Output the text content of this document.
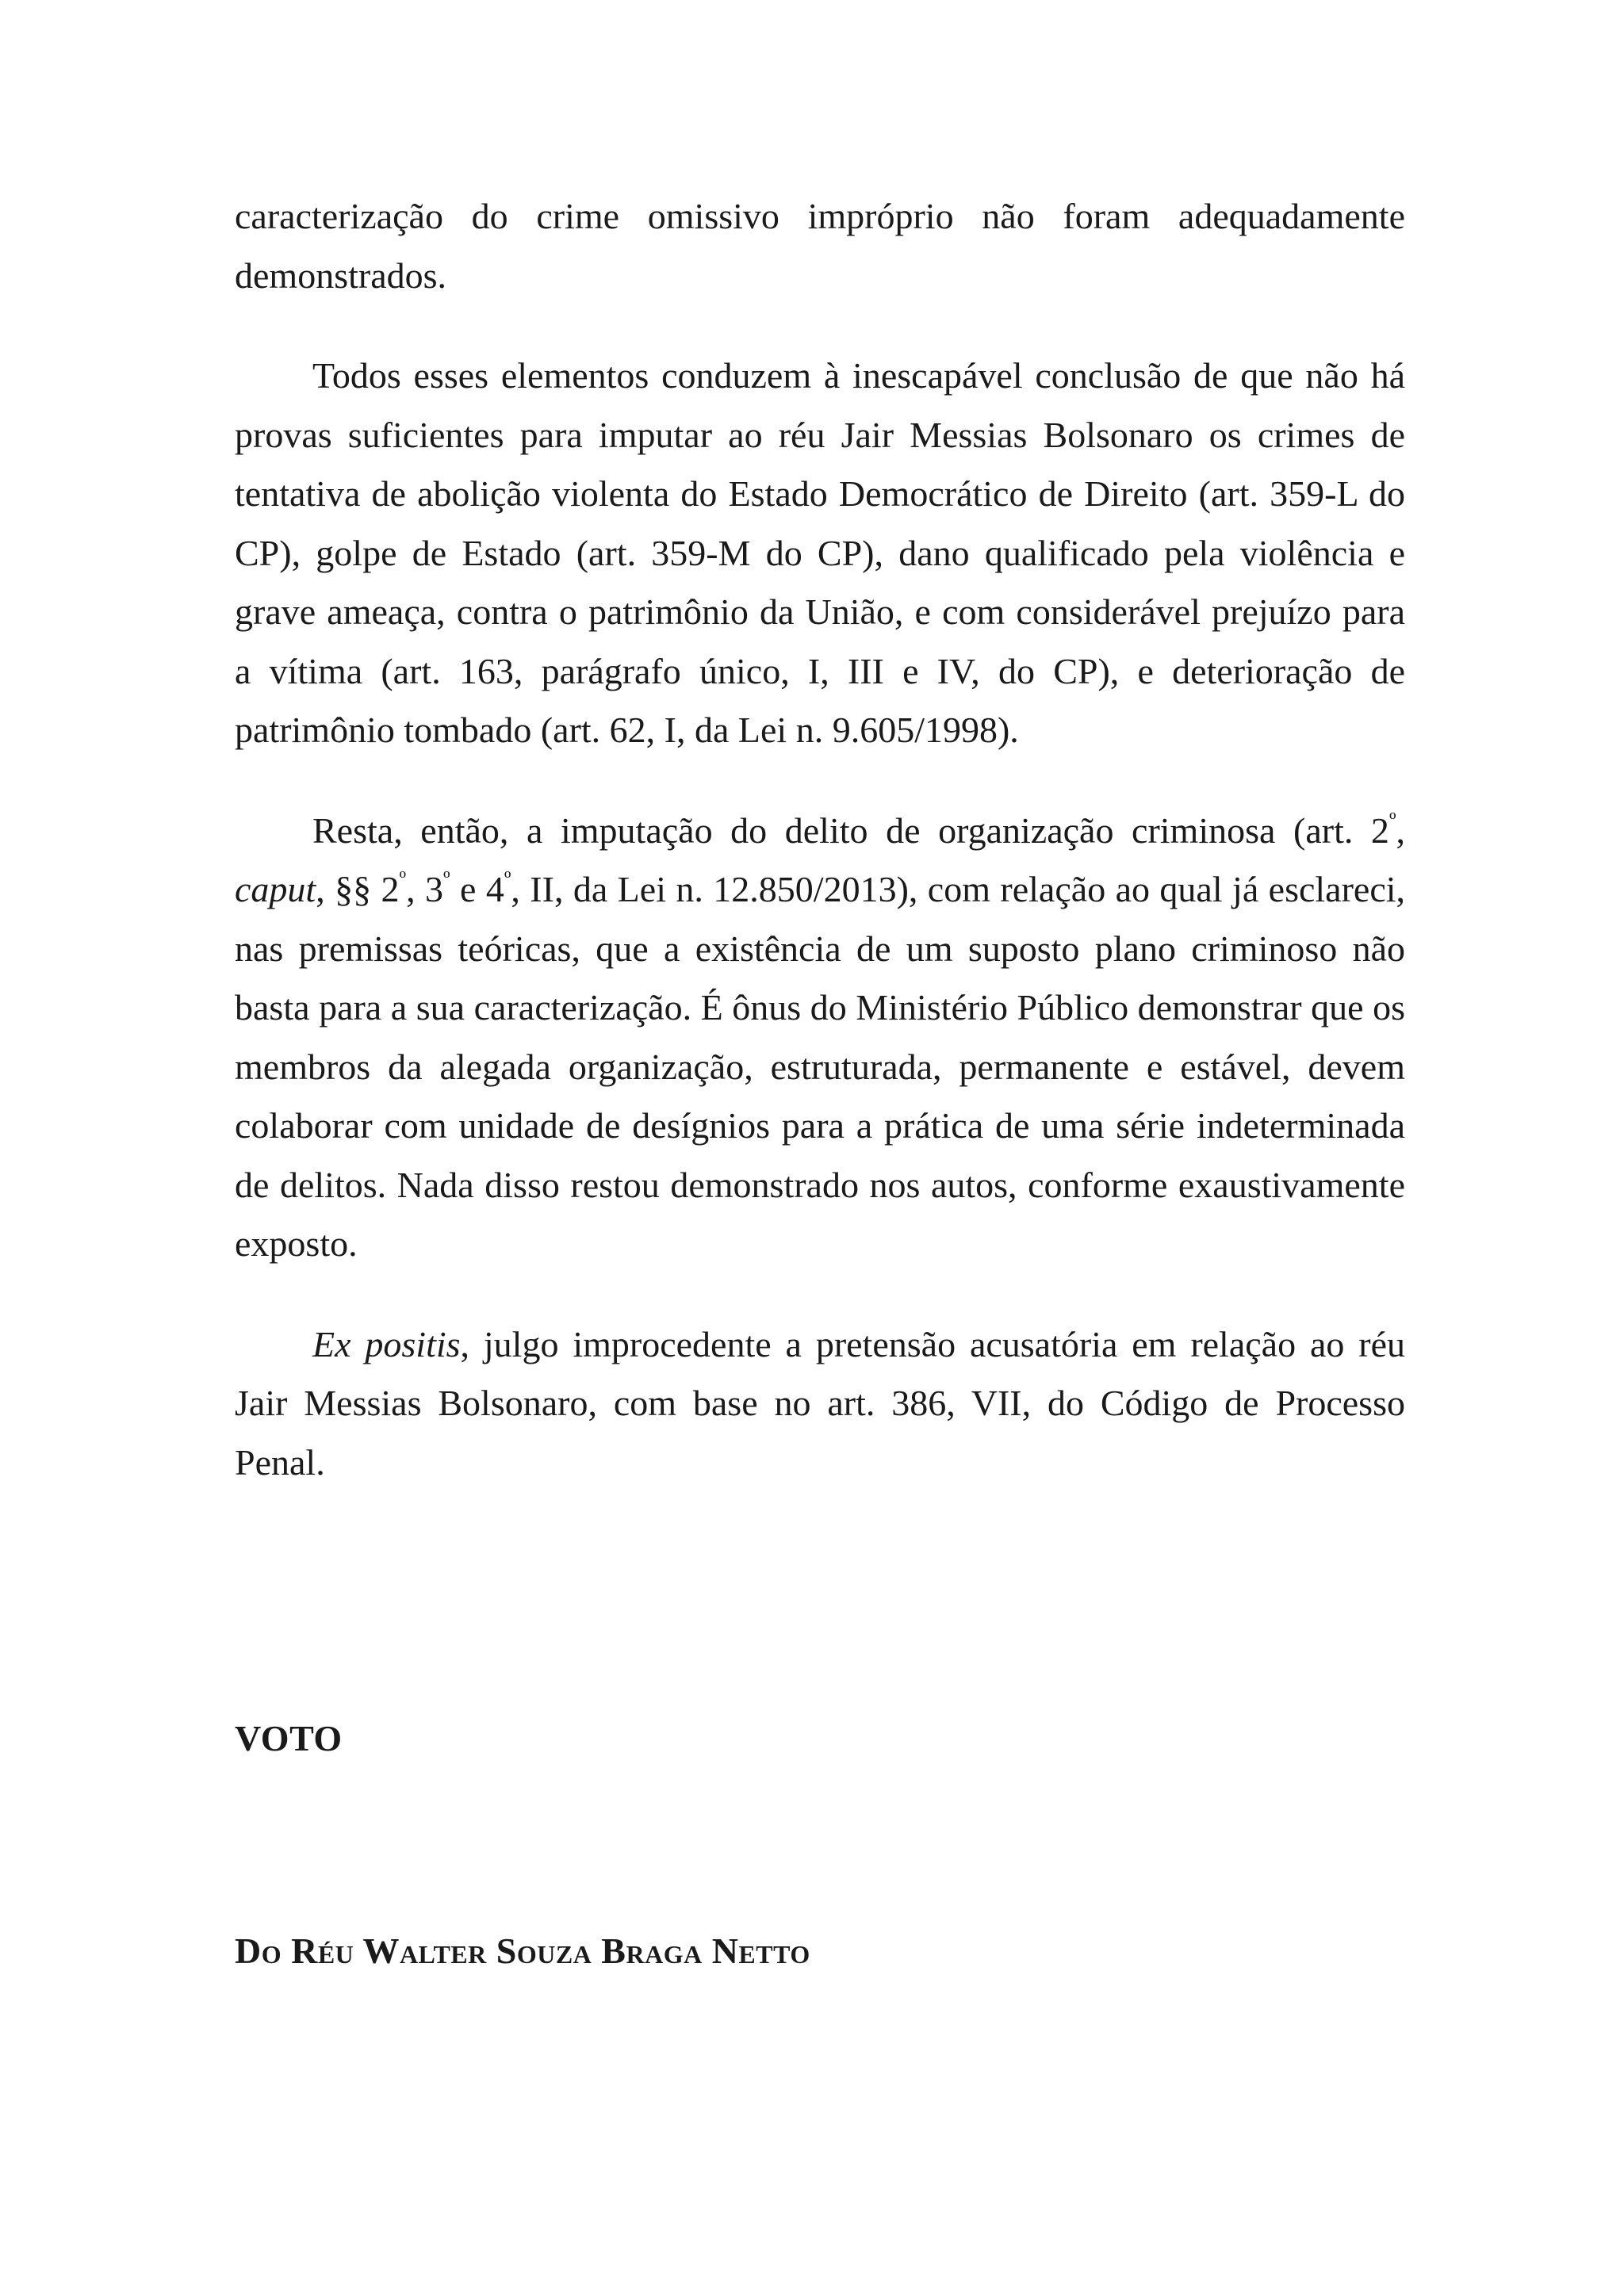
caracterização do crime omissivo impróprio não foram adequadamente demonstrados.

Todos esses elementos conduzem à inescapável conclusão de que não há provas suficientes para imputar ao réu Jair Messias Bolsonaro os crimes de tentativa de abolição violenta do Estado Democrático de Direito (art. 359-L do CP), golpe de Estado (art. 359-M do CP), dano qualificado pela violência e grave ameaça, contra o patrimônio da União, e com considerável prejuízo para a vítima (art. 163, parágrafo único, I, III e IV, do CP), e deterioração de patrimônio tombado (art. 62, I, da Lei n. 9.605/1998).

Resta, então, a imputação do delito de organização criminosa (art. $2^º$, caput, §§ $2^º$, $3^º$ e $4^º$, II, da Lei n. 12.850/2013), com relação ao qual já esclareci, nas premissas teóricas, que a existência de um suposto plano criminoso não basta para a sua caracterização. É ônus do Ministério Público demonstrar que os membros da alegada organização, estruturada, permanente e estável, devem colaborar com unidade de desígnios para a prática de uma série indeterminada de delitos. Nada disso restou demonstrado nos autos, conforme exaustivamente exposto.

Ex positis, julgo improcedente a pretensão acusatória em relação ao réu Jair Messias Bolsonaro, com base no art. 386, VII, do Código de Processo Penal.

VOTO
Do Réu Walter Souza Braga Netto
